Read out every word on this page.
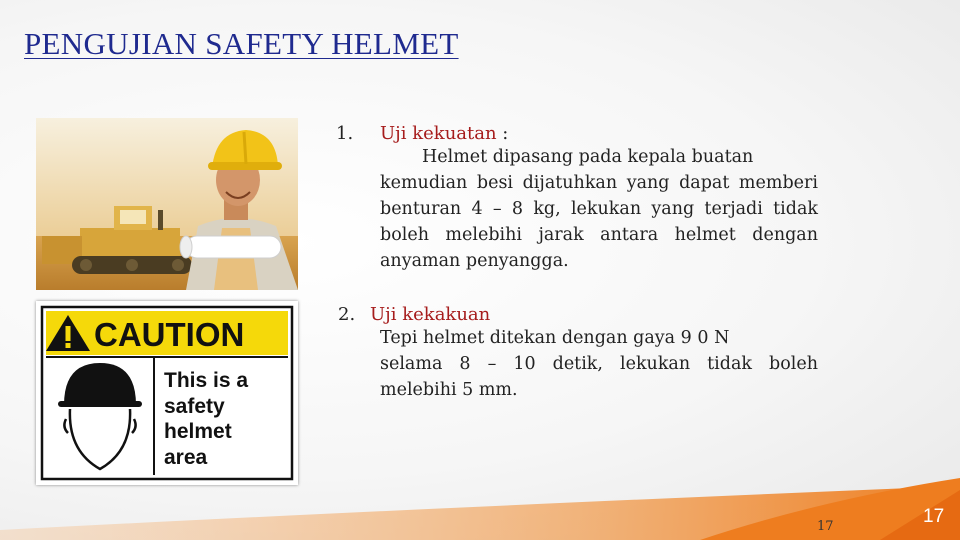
PENGUJIAN SAFETY HELMET
CAUTION
This is a
safety
helmet
area
1. Uji kekuatan :
Helmet dipasang pada kepala buatan
kemudian besi dijatuhkan yang dapat memberi benturan 4 – 8 kg, lekukan yang terjadi tidak boleh melebihi jarak antara helmet dengan anyaman penyangga.
2. Uji kekakuan
Tepi helmet ditekan dengan gaya 9 0 N
selama 8 – 10 detik, lekukan tidak boleh melebihi 5 mm.
17	17
